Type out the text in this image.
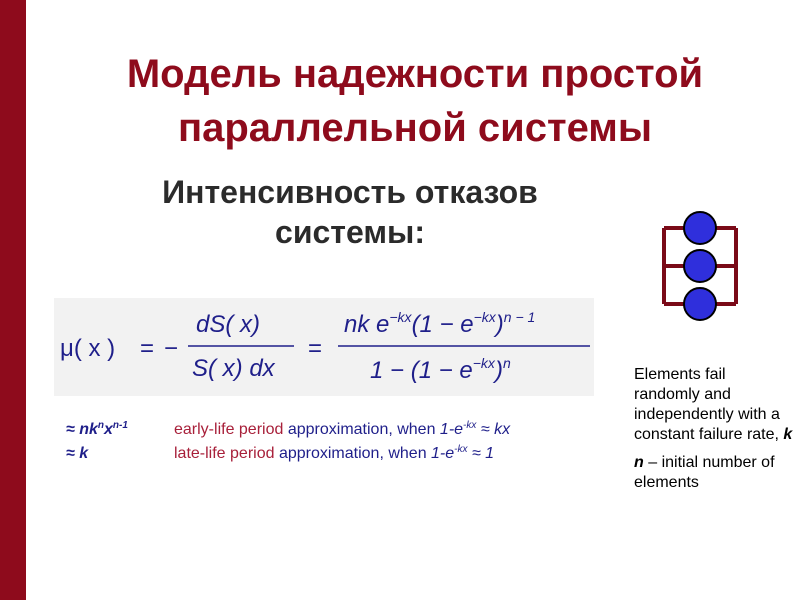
Модель надежности простой
параллельной системы
Интенсивность отказов
системы:
μ( x ) = −
dS( x)
S( x) dx
=
nk $e^{-kx}(1 - e^{-kx})^{n - 1}$
$1 - (1 - e^{-kx})^n$
≈ $nk^nx^{n-1}$	early-life period approximation, when $1-e^{-kx}$ ≈ kx
≈ k	late-life period approximation, when $1-e^{-kx} \approx 1$

Elements fail randomly and independently with a constant failure rate, k

n – initial number of elements
